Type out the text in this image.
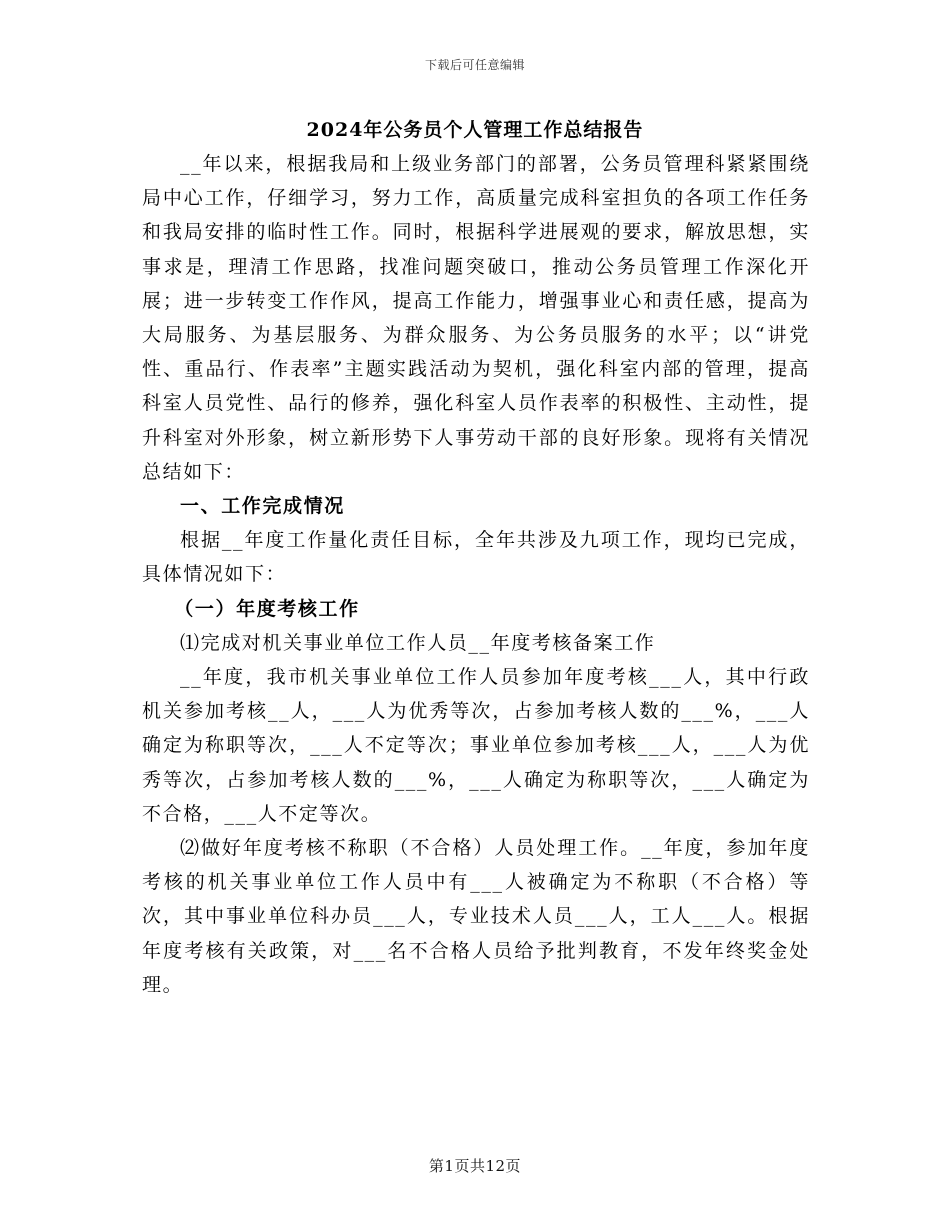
下载后可任意编辑
2024年公务员个人管理工作总结报告

__年以来，根据我局和上级业务部门的部署，公务员管理科紧紧围绕局中心工作，仔细学习，努力工作，高质量完成科室担负的各项工作任务和我局安排的临时性工作。同时，根据科学进展观的要求，解放思想，实事求是，理清工作思路，找准问题突破口，推动公务员管理工作深化开展；进一步转变工作作风，提高工作能力，增强事业心和责任感，提高为大局服务、为基层服务、为群众服务、为公务员服务的水平；以“讲党性、重品行、作表率”主题实践活动为契机，强化科室内部的管理，提高科室人员党性、品行的修养，强化科室人员作表率的积极性、主动性，提升科室对外形象，树立新形势下人事劳动干部的良好形象。现将有关情况总结如下：

一、工作完成情况

根据__年度工作量化责任目标，全年共涉及九项工作，现均已完成，具体情况如下：

（一）年度考核工作

⑴完成对机关事业单位工作人员__年度考核备案工作

__年度，我市机关事业单位工作人员参加年度考核___人，其中行政机关参加考核__人，___人为优秀等次，占参加考核人数的___%，___人确定为称职等次，___人不定等次；事业单位参加考核___人，___人为优秀等次，占参加考核人数的___%，___人确定为称职等次，___人确定为不合格，___人不定等次。

⑵做好年度考核不称职（不合格）人员处理工作。__年度，参加年度考核的机关事业单位工作人员中有___人被确定为不称职（不合格）等次，其中事业单位科办员___人，专业技术人员___人，工人___人。根据年度考核有关政策，对___名不合格人员给予批判教育，不发年终奖金处理。

第1页共12页
